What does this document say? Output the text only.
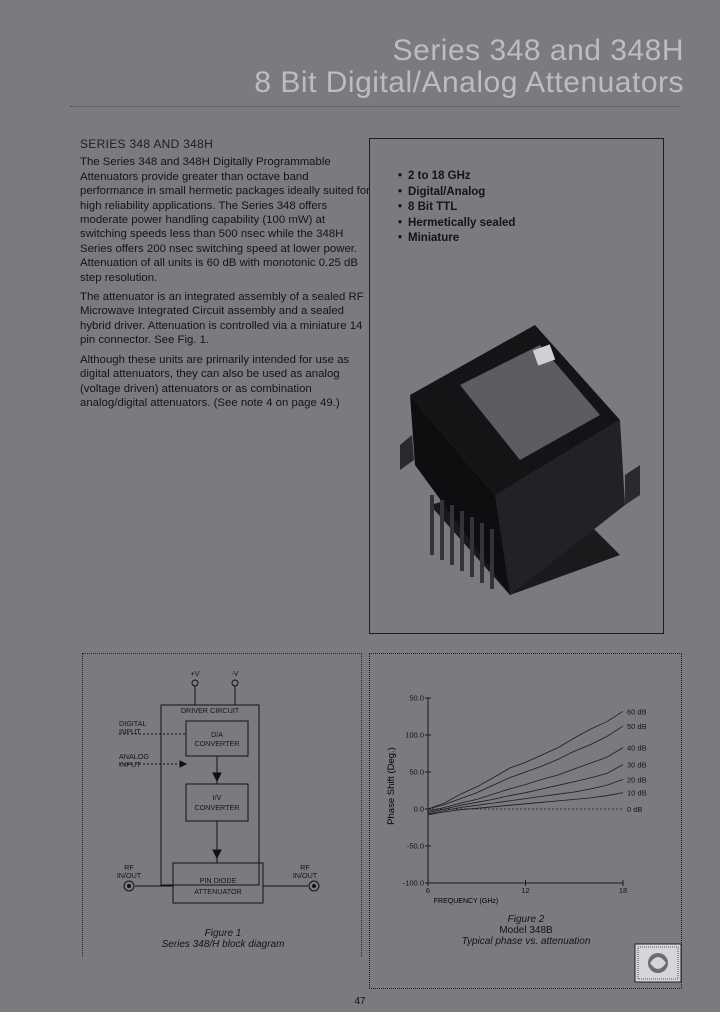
Series 348 and 348H
8 Bit Digital/Analog Attenuators
SERIES 348 AND 348H

The Series 348 and 348H Digitally Programmable Attenuators provide greater than octave band performance in small hermetic packages ideally suited for high reliability applications. The Series 348 offers moderate power handling capability (100 mW) at switching speeds less than 500 nsec while the 348H Series offers 200 nsec switching speed at lower power. Attenuation of all units is 60 dB with monotonic 0.25 dB step resolution.

The attenuator is an integrated assembly of a sealed RF Microwave Integrated Circuit assembly and a sealed hybrid driver. Attenuation is controlled via a miniature 14 pin connector. See Fig. 1.

Although these units are primarily intended for use as digital attenuators, they can also be used as analog (voltage driven) attenuators or as combination analog/digital attenuators. (See note 4 on page 49.)

• 2 to 18 GHz
• Digital/Analog
• 8 Bit TTL
• Hermetically sealed
• Miniature
+V	-V
DRIVER CIRCUIT
DIGITAL
INPUT
ANALOG
INPUT
D/A
CONVERTER
I/V
CONVERTER
RF
IN/OUT
RF
IN/OUT
PIN DIODE
ATTENUATOR
Figure 1
Series 348/H block diagram
50.0
100.0
50.0
0.0
-50.0
-100.0
6	12	18
60 dB
50 dB
40 dB
30 dB
20 dB
10 dB
0 dB
FREQUENCY (GHz)
Phase Shift (Deg.)
Figure 2
Model 348B
Typical phase vs. attenuation
47
